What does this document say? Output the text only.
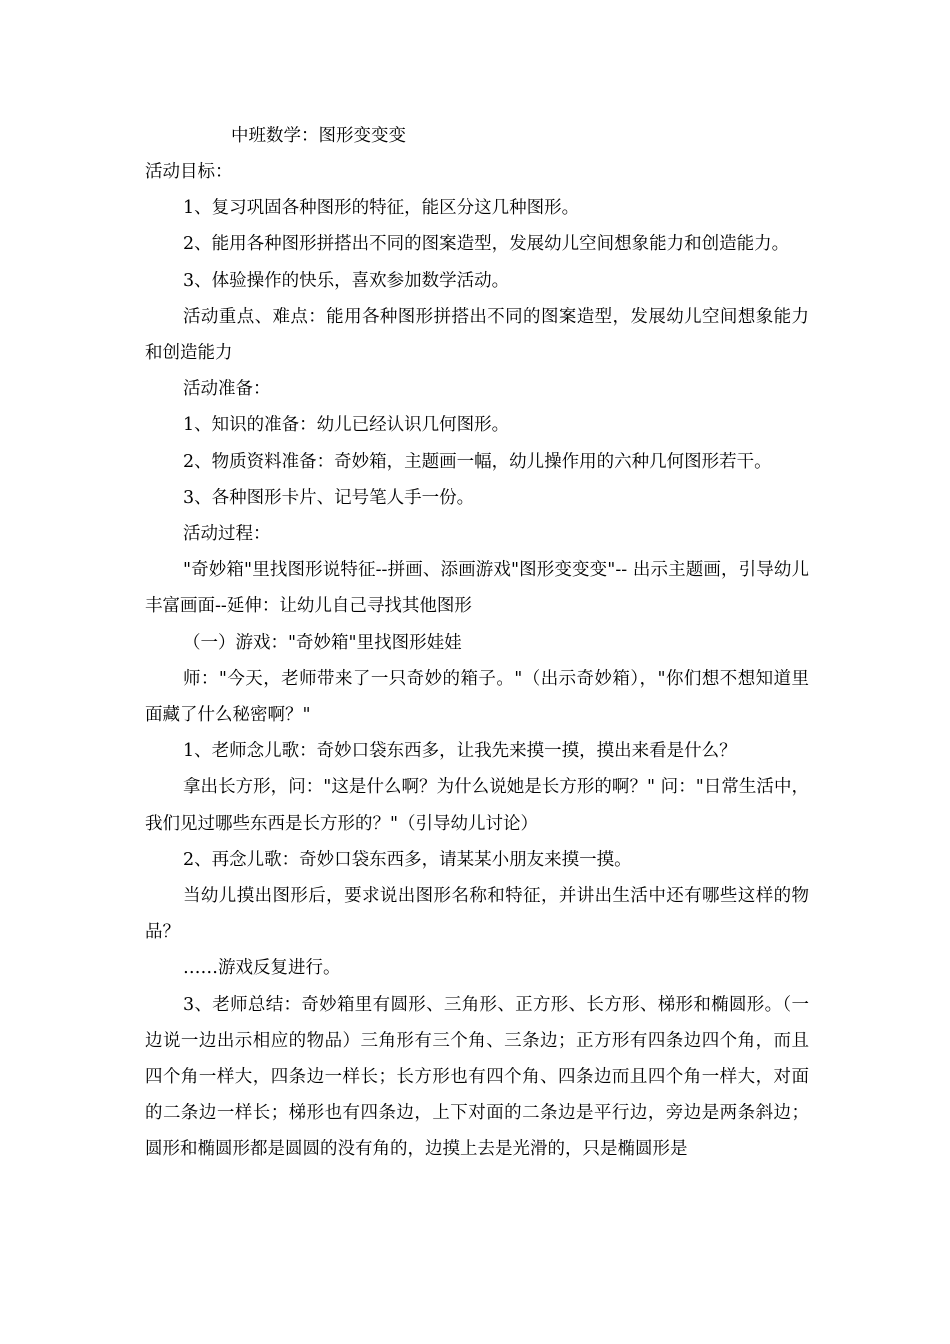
中班数学：图形变变变

活动目标：

1、复习巩固各种图形的特征，能区分这几种图形。

2、能用各种图形拼搭出不同的图案造型，发展幼儿空间想象能力和创造能力。

3、体验操作的快乐，喜欢参加数学活动。

活动重点、难点：能用各种图形拼搭出不同的图案造型，发展幼儿空间想象能力和创造能力

活动准备：

1、知识的准备：幼儿已经认识几何图形。

2、物质资料准备：奇妙箱，主题画一幅，幼儿操作用的六种几何图形若干。

3、各种图形卡片、记号笔人手一份。

活动过程：

"奇妙箱"里找图形说特征--拼画、添画游戏"图形变变变"-- 出示主题画，引导幼儿丰富画面--延伸：让幼儿自己寻找其他图形

（一）游戏："奇妙箱"里找图形娃娃

师："今天，老师带来了一只奇妙的箱子。"（出示奇妙箱），"你们想不想知道里面藏了什么秘密啊？"

1、老师念儿歌：奇妙口袋东西多，让我先来摸一摸，摸出来看是什么？

拿出长方形，问："这是什么啊？为什么说她是长方形的啊？" 问："日常生活中，我们见过哪些东西是长方形的？"（引导幼儿讨论）

2、再念儿歌：奇妙口袋东西多，请某某小朋友来摸一摸。

当幼儿摸出图形后，要求说出图形名称和特征，并讲出生活中还有哪些这样的物品？

……游戏反复进行。

3、老师总结：奇妙箱里有圆形、三角形、正方形、长方形、梯形和椭圆形。（一边说一边出示相应的物品）三角形有三个角、三条边；正方形有四条边四个角，而且四个角一样大，四条边一样长；长方形也有四个角、四条边而且四个角一样大，对面的二条边一样长；梯形也有四条边，上下对面的二条边是平行边，旁边是两条斜边；圆形和椭圆形都是圆圆的没有角的，边摸上去是光滑的，只是椭圆形是
